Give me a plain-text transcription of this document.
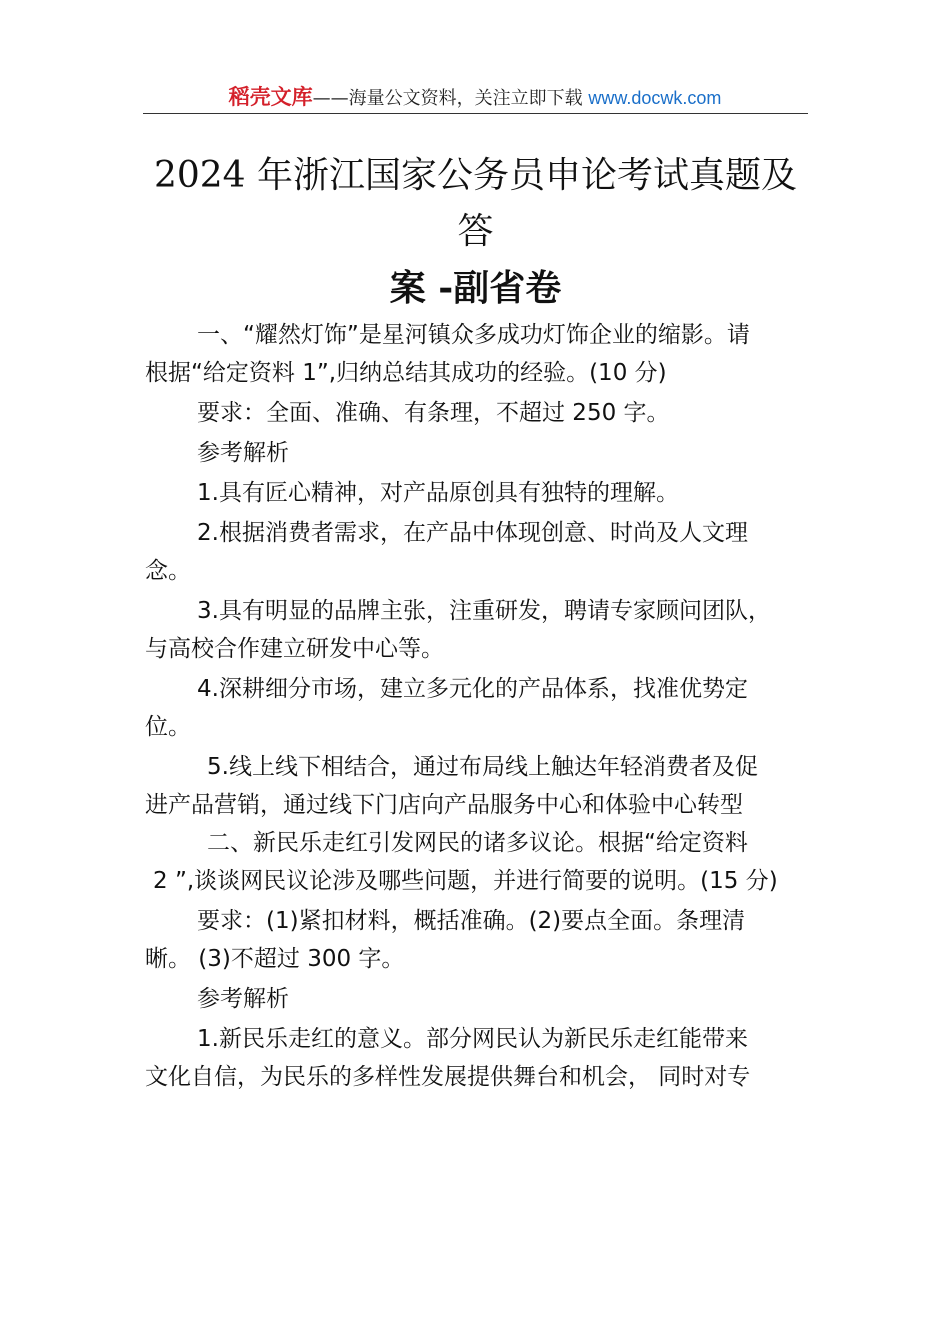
稻壳文库——海量公文资料，关注立即下载 www.docwk.com
2024 年浙江国家公务员申论考试真题及答
案 -副省卷
一、“耀然灯饰”是星河镇众多成功灯饰企业的缩影。请
根据“给定资料 1”,归纳总结其成功的经验。(10 分)
要求：全面、准确、有条理，不超过 250 字。
参考解析
1.具有匠心精神，对产品原创具有独特的理解。
2.根据消费者需求，在产品中体现创意、时尚及人文理
念。
3.具有明显的品牌主张，注重研发，聘请专家顾问团队，
与高校合作建立研发中心等。
4.深耕细分市场，建立多元化的产品体系，找准优势定
位。
5.线上线下相结合，通过布局线上触达年轻消费者及促
进产品营销，通过线下门店向产品服务中心和体验中心转型
二、新民乐走红引发网民的诸多议论。根据“给定资料
2 ”,谈谈网民议论涉及哪些问题，并进行简要的说明。(15 分)
要求：(1)紧扣材料，概括准确。(2)要点全面。条理清
晰。 (3)不超过 300 字。
参考解析
1.新民乐走红的意义。部分网民认为新民乐走红能带来
文化自信，为民乐的多样性发展提供舞台和机会， 同时对专
